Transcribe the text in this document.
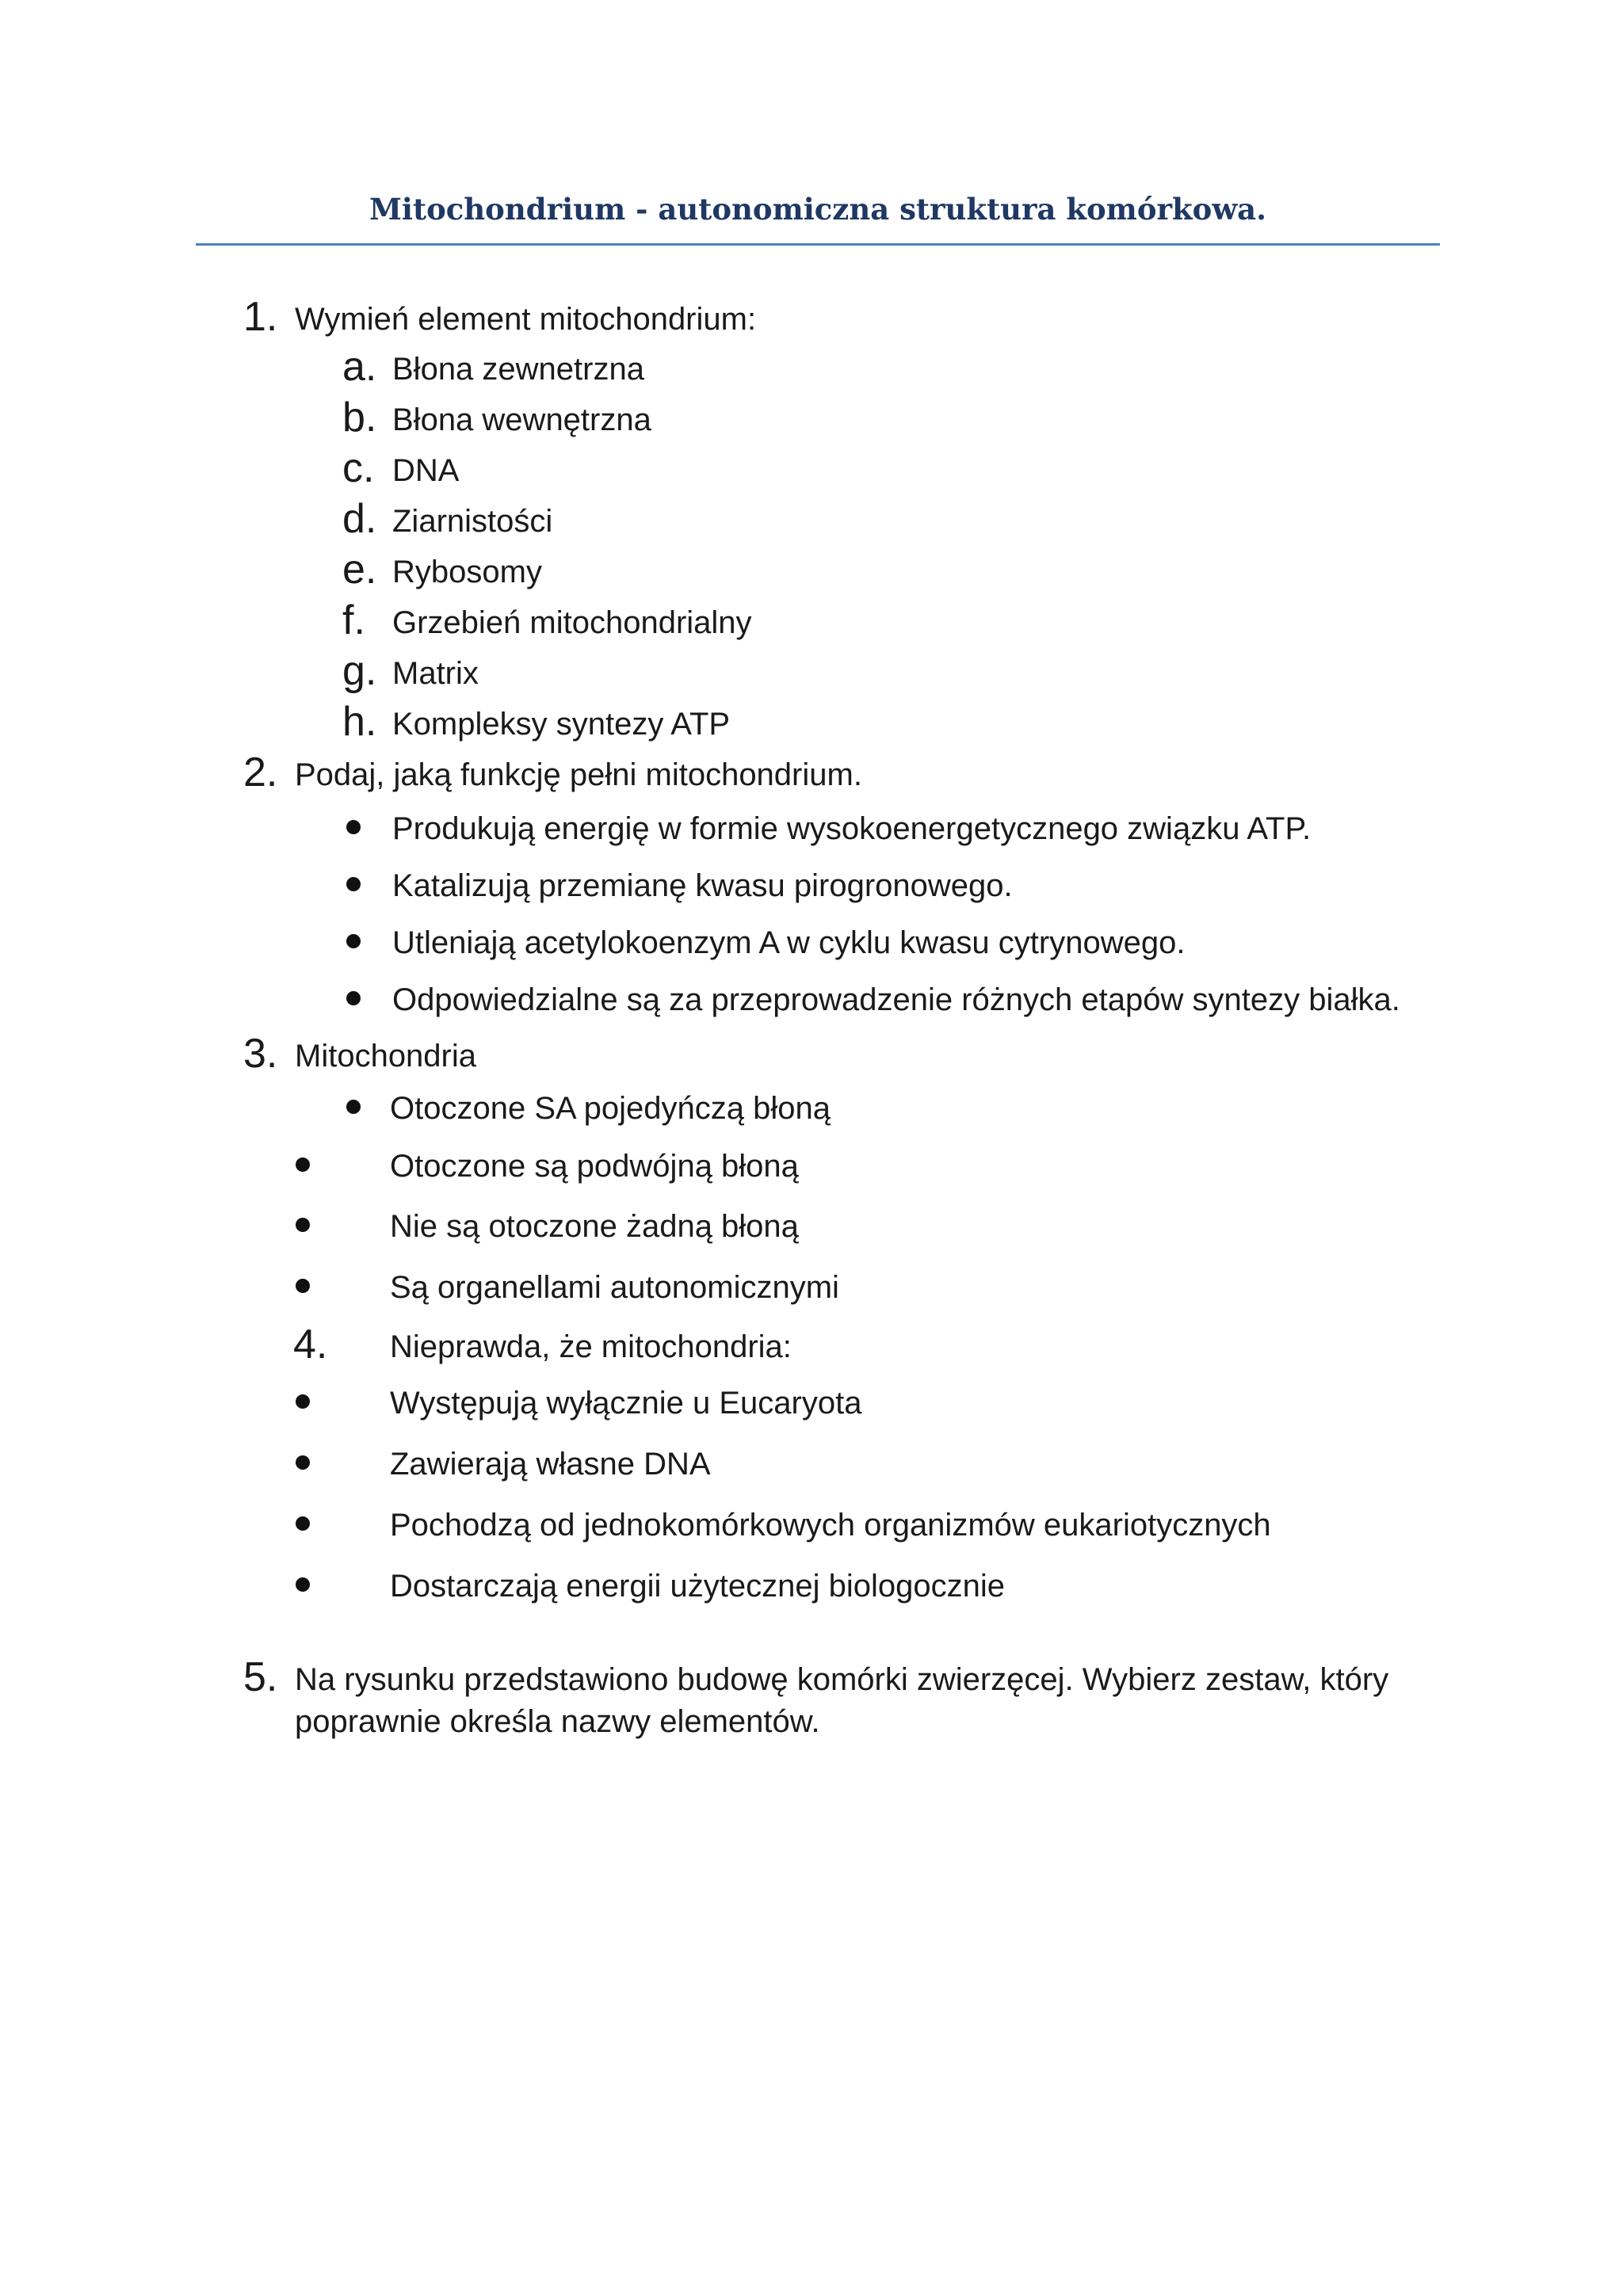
Mitochondrium - autonomiczna struktura komórkowa.
1. Wymień element mitochondrium:
a. Błona zewnetrzna
b. Błona wewnętrzna
c. DNA
d. Ziarnistości
e. Rybosomy
f. Grzebień mitochondrialny
g. Matrix
h. Kompleksy syntezy ATP
2. Podaj, jaką funkcję pełni mitochondrium.
Produkują energię w formie wysokoenergetycznego związku ATP.
Katalizują przemianę kwasu pirogronowego.
Utleniają acetylokoenzym A w cyklu kwasu cytrynowego.
Odpowiedzialne są za przeprowadzenie różnych etapów syntezy białka.
3. Mitochondria
Otoczone SA pojedyńczą błoną
Otoczone są podwójną błoną
Nie są otoczone żadną błoną
Są organellami autonomicznymi
4. Nieprawda, że mitochondria:
Występują wyłącznie u Eucaryota
Zawierają własne DNA
Pochodzą od jednokomórkowych organizmów eukariotycznych
Dostarczają energii użytecznej biologocznie
5. Na rysunku przedstawiono budowę komórki zwierzęcej. Wybierz zestaw, który
poprawnie określa nazwy elementów.
